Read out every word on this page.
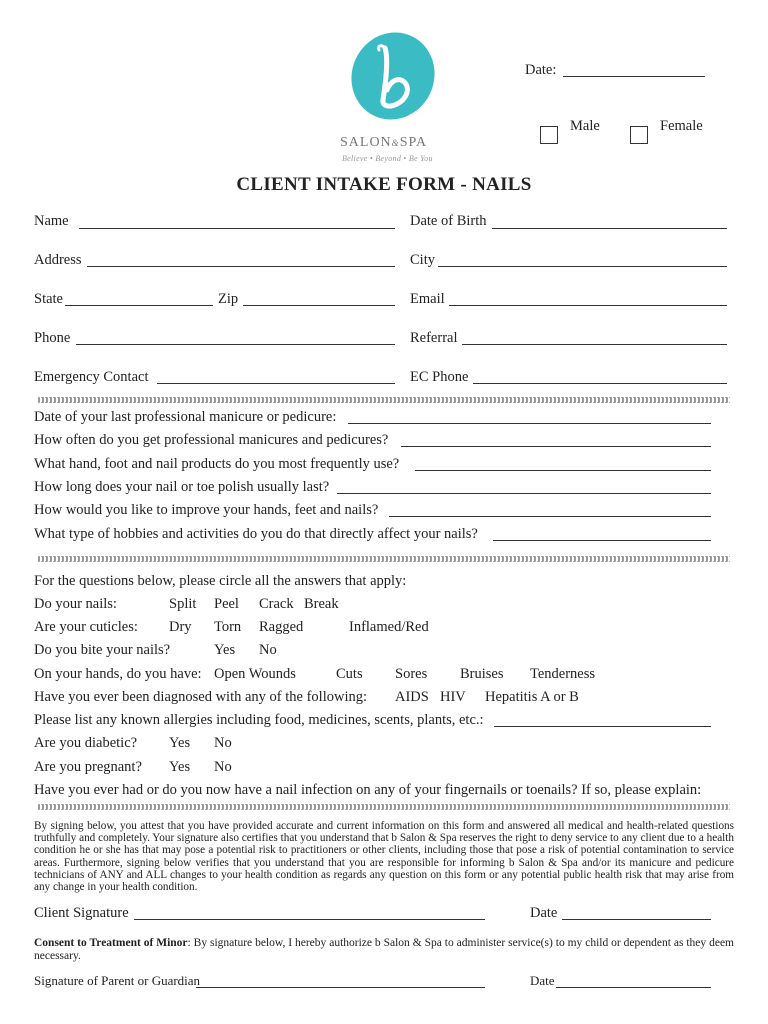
SALON&SPA
Believe • Beyond • Be You
Date:
Male	Female
CLIENT INTAKE FORM - NAILS
Name	Date of Birth
Address	City
State	Zip	Email
Phone	Referral
Emergency Contact	EC Phone
Date of your last professional manicure or pedicure:
How often do you get professional manicures and pedicures?
What hand, foot and nail products do you most frequently use?
How long does your nail or toe polish usually last?
How would you like to improve your hands, feet and nails?
What type of hobbies and activities do you do that directly affect your nails?
For the questions below, please circle all the answers that apply:
Do your nails:	Split Peel Crack Break
Are your cuticles: Dry Torn Ragged	Inflamed/Red
Do you bite your nails?	Yes No
On your hands, do you have: Open Wounds	Cuts Sores Bruises Tenderness
Have you ever been diagnosed with any of the following: AIDS HIV Hepatitis A or B
Please list any known allergies including food, medicines, scents, plants, etc.:
Are you diabetic? Yes No
Are you pregnant? Yes No
Have you ever had or do you now have a nail infection on any of your fingernails or toenails? If so, please explain:
By signing below, you attest that you have provided accurate and current information on this form and answered all medical and health-related questions truthfully and completely. Your signature also certifies that you understand that b Salon & Spa reserves the right to deny service to any client due to a health condition he or she has that may pose a potential risk to practitioners or other clients, including those that pose a risk of potential contamination to service areas. Furthermore, signing below verifies that you understand that you are responsible for informing b Salon & Spa and/or its manicure and pedicure technicians of ANY and ALL changes to your health condition as regards any question on this form or any potential public health risk that may arise from any change in your health condition.
Client Signature	Date
Consent to Treatment of Minor: By signature below, I hereby authorize b Salon & Spa to administer service(s) to my child or dependent as they deem necessary.
Signature of Parent or Guardian	Date
